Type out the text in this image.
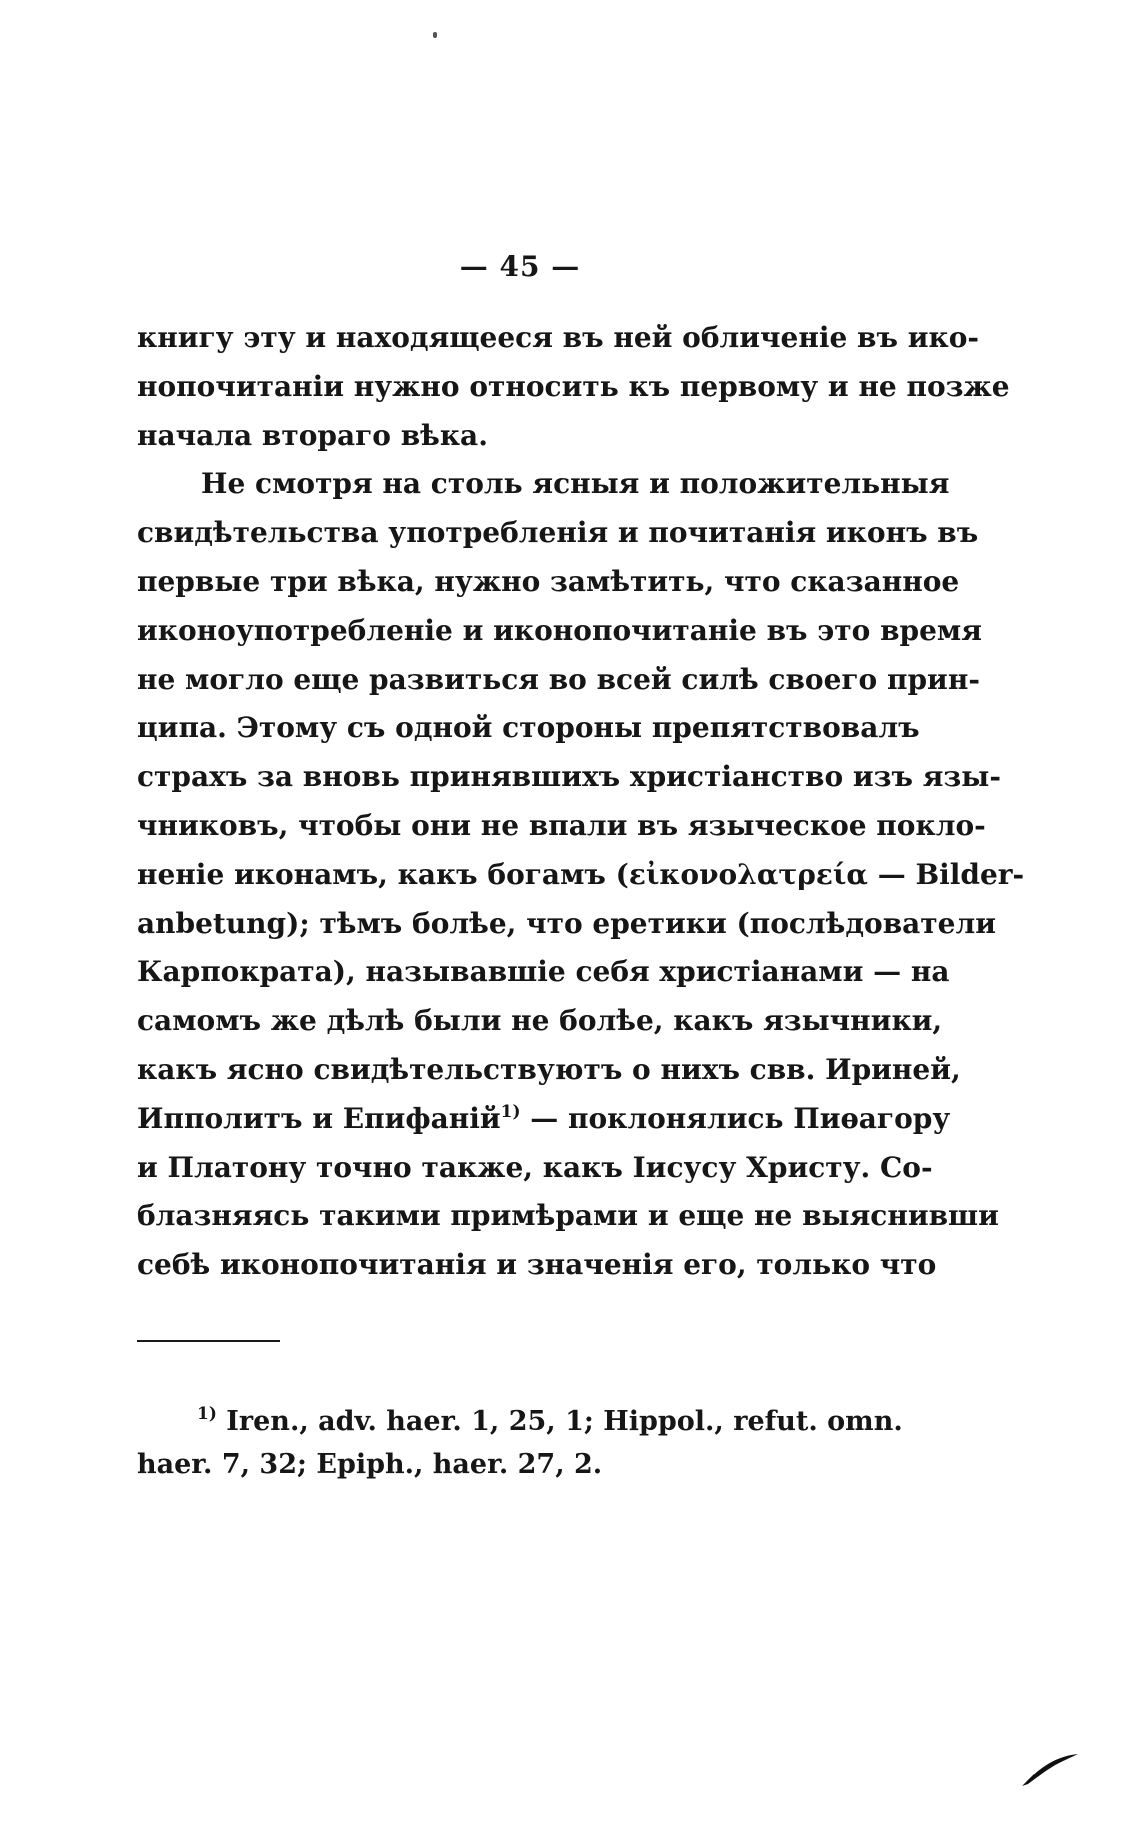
— 45 —
книгу эту и находящееся въ ней обличенiе въ ико-
нопочитанiи нужно относить къ первому и не позже
начала втораго вѣка.
Не смотря на столь ясныя и положительныя
свидѣтельства употребленiя и почитанiя иконъ въ
первые три вѣка, нужно замѣтить, что сказанное
иконоупотребленiе и иконопочитанiе въ это время
не могло еще развиться во всей силѣ своего прин-
ципа. Этому съ одной стороны препятствовалъ
страхъ за вновь принявшихъ христiанство изъ язы-
чниковъ, чтобы они не впали въ языческое покло-
ненiе иконамъ, какъ богамъ (εἰκονολατρεία — Bilder-
anbetung); тѣмъ болѣе, что еретики (послѣдователи
Карпократа), называвшiе себя христiанами — на
самомъ же дѣлѣ были не болѣе, какъ язычники,
какъ ясно свидѣтельствуютъ о нихъ свв. Ириней,
Ипполитъ и Епифанiй$^{1)}$ — поклонялись Пиѳагору
и Платону точно также, какъ Iисусу Христу. Со-
блазняясь такими примѣрами и еще не выяснивши
себѣ иконопочитанiя и значенiя его, только что
$^{1)}$ Iren., adv. haer. 1, 25, 1; Hippol., refut. omn.
haer. 7, 32; Epiph., haer. 27, 2.
